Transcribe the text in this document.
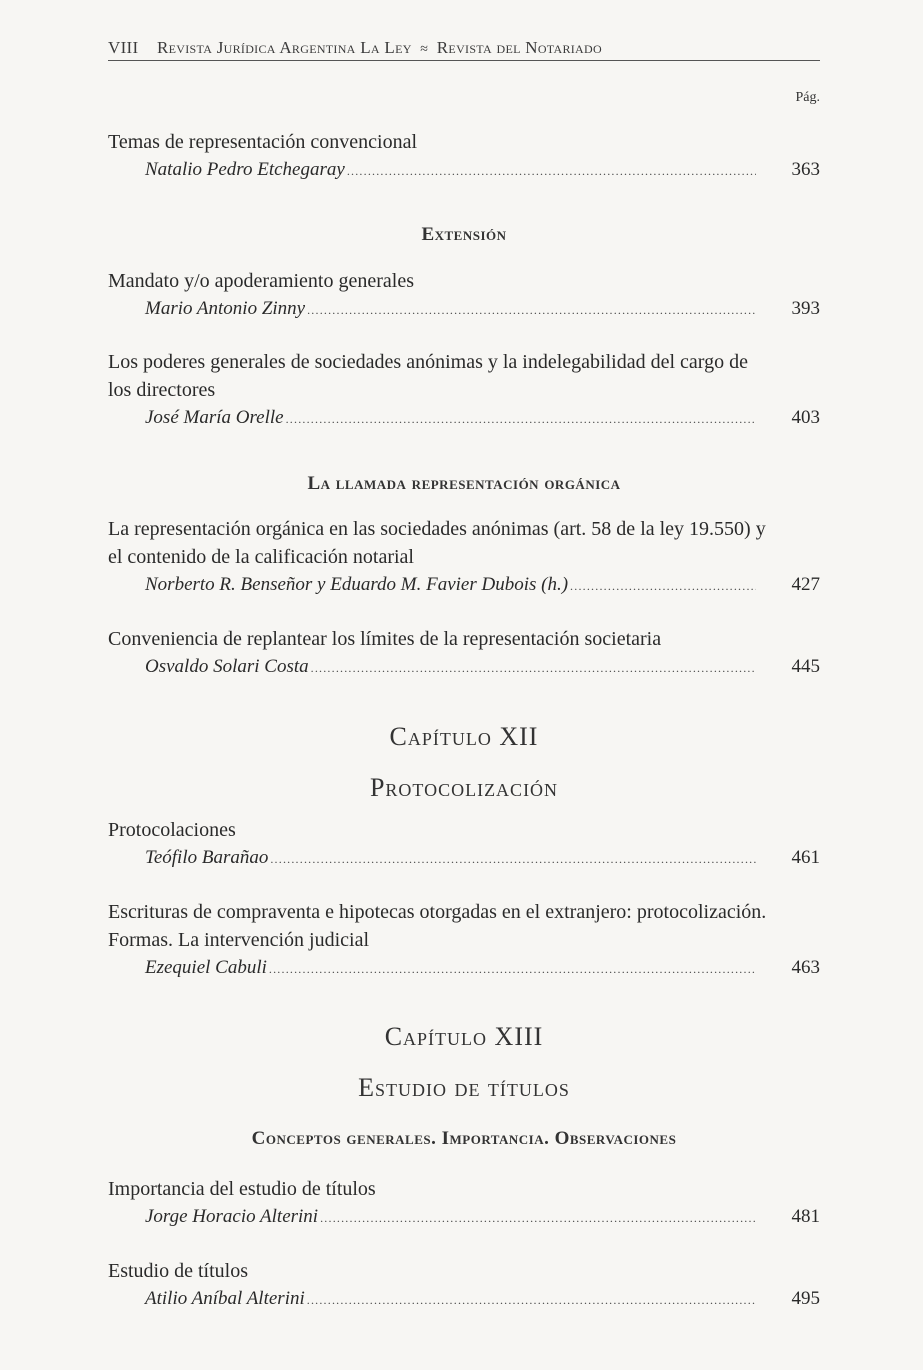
VIII Revista Jurídica Argentina La Ley ≈ Revista del Notariado
Pág.
Temas de representación convencional
Natalio Pedro Etchegaray .....	363
Extensión
Mandato y/o apoderamiento generales
Mario Antonio Zinny .....	393
Los poderes generales de sociedades anónimas y la indelegabilidad del cargo de los directores
José María Orelle .....	403
La llamada representación orgánica
La representación orgánica en las sociedades anónimas (art. 58 de la ley 19.550) y el contenido de la calificación notarial
Norberto R. Benseñor y Eduardo M. Favier Dubois (h.) .....	427
Conveniencia de replantear los límites de la representación societaria
Osvaldo Solari Costa .....	445
Capítulo XII
Protocolización
Protocolaciones
Teófilo Barañao .....	461
Escrituras de compraventa e hipotecas otorgadas en el extranjero: protocolización. Formas. La intervención judicial
Ezequiel Cabuli .....	463
Capítulo XIII
Estudio de títulos
Conceptos generales. Importancia. Observaciones
Importancia del estudio de títulos
Jorge Horacio Alterini .....	481
Estudio de títulos
Atilio Aníbal Alterini .....	495
